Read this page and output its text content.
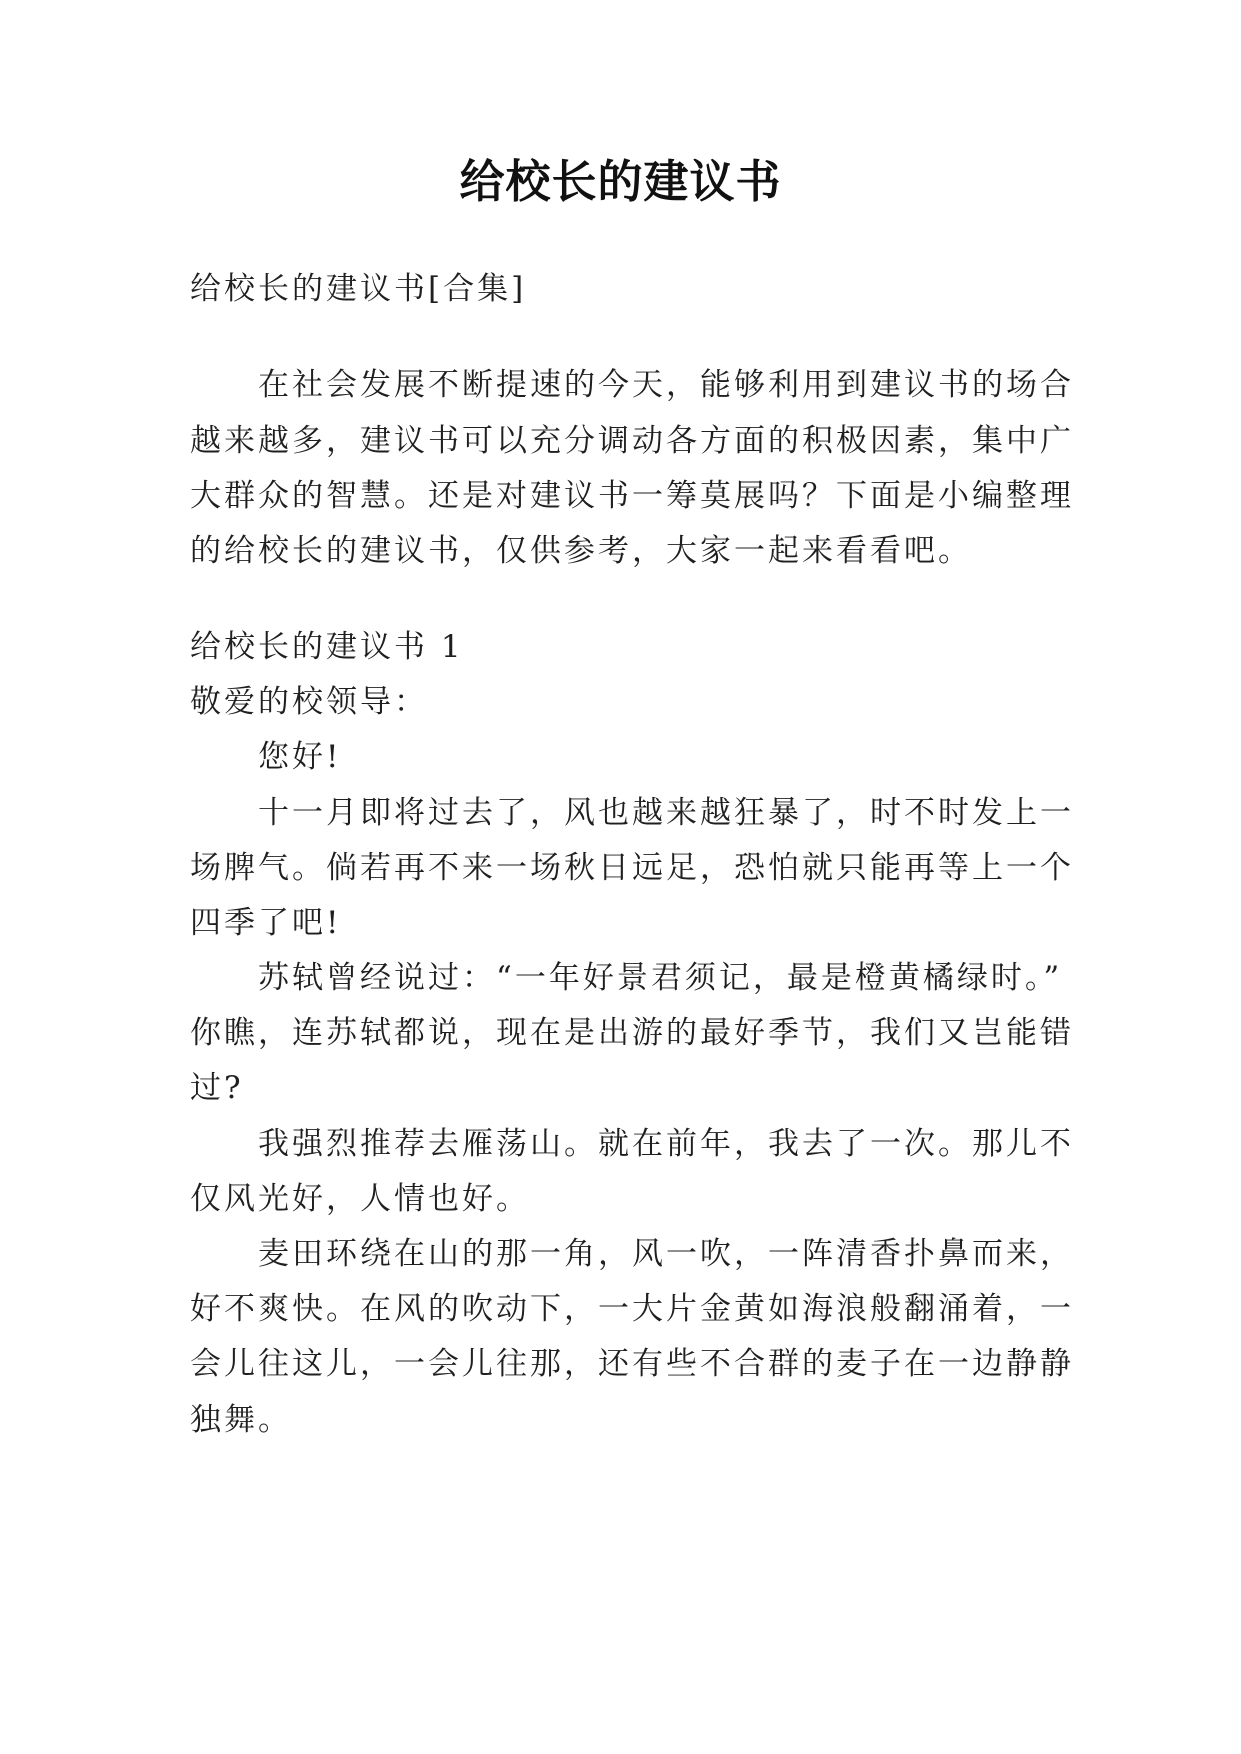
给校长的建议书

给校长的建议书[合集]

　　在社会发展不断提速的今天，能够利用到建议书的场合

越来越多，建议书可以充分调动各方面的积极因素，集中广

大群众的智慧。还是对建议书一筹莫展吗？下面是小编整理

的给校长的建议书，仅供参考，大家一起来看看吧。

给校长的建议书 1

敬爱的校领导：

　　您好!

　　十一月即将过去了，风也越来越狂暴了，时不时发上一

场脾气。倘若再不来一场秋日远足，恐怕就只能再等上一个

四季了吧!

　　苏轼曾经说过：“一年好景君须记，最是橙黄橘绿时。”

你瞧，连苏轼都说，现在是出游的最好季节，我们又岂能错

过?

　　我强烈推荐去雁荡山。就在前年，我去了一次。那儿不

仅风光好，人情也好。

　　麦田环绕在山的那一角，风一吹，一阵清香扑鼻而来，

好不爽快。在风的吹动下，一大片金黄如海浪般翻涌着，一

会儿往这儿，一会儿往那，还有些不合群的麦子在一边静静

独舞。
